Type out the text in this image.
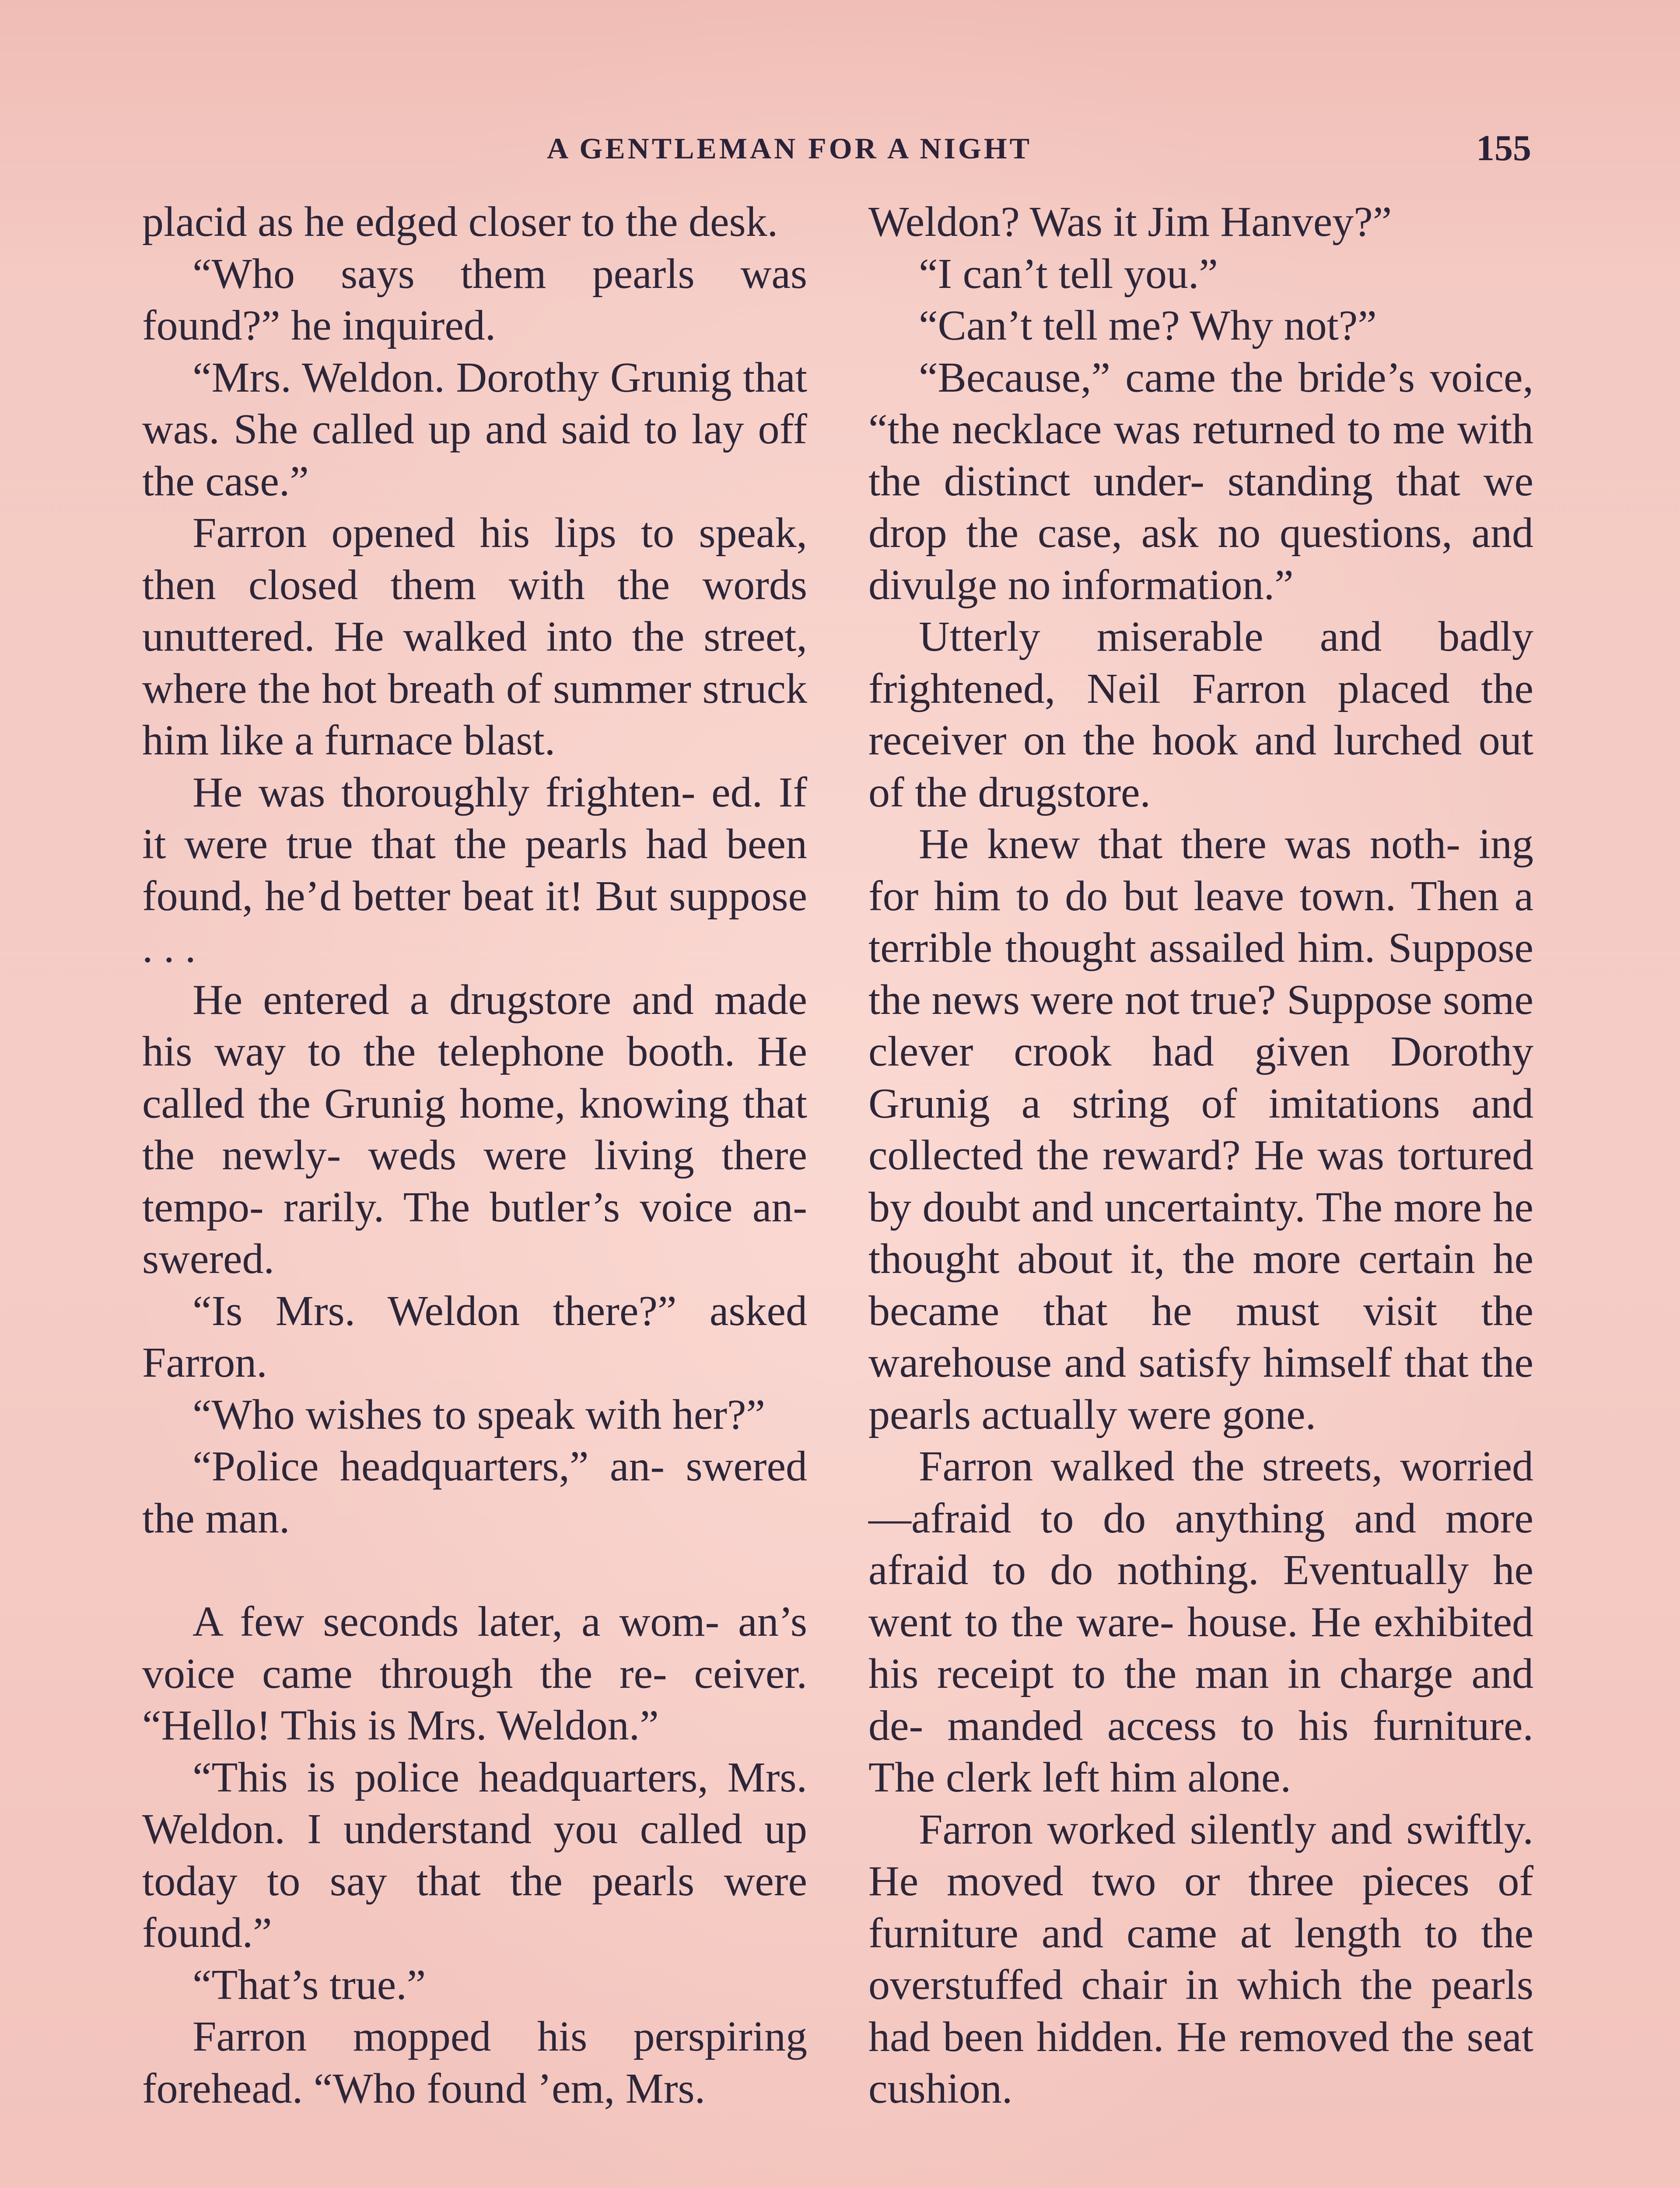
A GENTLEMAN FOR A NIGHT	155

placid as he edged closer to the desk.

“Who says them pearls was found?” he inquired.

“Mrs. Weldon. Dorothy Grunig that was. She called up and said to lay off the case.”

Farron opened his lips to speak, then closed them with the words unuttered. He walked into the street, where the hot breath of summer struck him like a furnace blast.

He was thoroughly frighten- ed. If it were true that the pearls had been found, he’d better beat it! But suppose . . .

He entered a drugstore and made his way to the telephone booth. He called the Grunig home, knowing that the newly- weds were living there tempo- rarily. The butler’s voice an- swered.

“Is Mrs. Weldon there?” asked Farron.

“Who wishes to speak with her?”

“Police headquarters,” an- swered the man.

A few seconds later, a wom- an’s voice came through the re- ceiver. “Hello! This is Mrs. Weldon.”

“This is police headquarters, Mrs. Weldon. I understand you called up today to say that the pearls were found.”

“That’s true.”

Farron mopped his perspiring forehead. “Who found ’em, Mrs.

Weldon? Was it Jim Hanvey?”

“I can’t tell you.”

“Can’t tell me? Why not?”

“Because,” came the bride’s voice, “the necklace was returned to me with the distinct under- standing that we drop the case, ask no questions, and divulge no information.”

Utterly miserable and badly frightened, Neil Farron placed the receiver on the hook and lurched out of the drugstore.

He knew that there was noth- ing for him to do but leave town. Then a terrible thought assailed him. Suppose the news were not true? Suppose some clever crook had given Dorothy Grunig a string of imitations and collected the reward? He was tortured by doubt and uncertainty. The more he thought about it, the more certain he became that he must visit the warehouse and satisfy himself that the pearls actually were gone.

Farron walked the streets, worried—afraid to do anything and more afraid to do nothing. Eventually he went to the ware- house. He exhibited his receipt to the man in charge and de- manded access to his furniture. The clerk left him alone.

Farron worked silently and swiftly. He moved two or three pieces of furniture and came at length to the overstuffed chair in which the pearls had been hidden. He removed the seat cushion.
